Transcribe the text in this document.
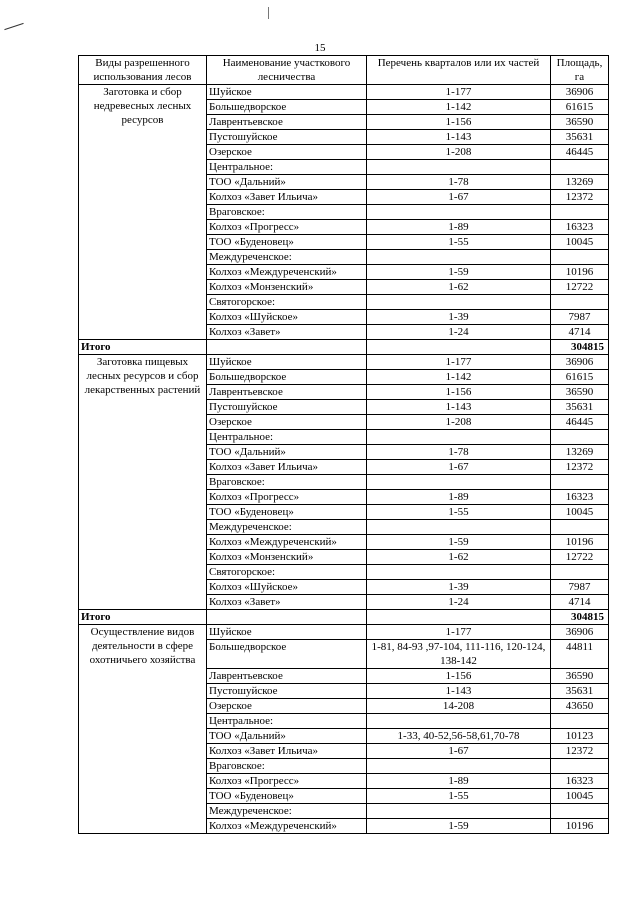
15
Виды разрешенного использования лесов	Наименование участкового лесничества	Перечень кварталов или их частей	Площадь, га
Заготовка и сбор недревесных лесных ресурсов	Шуйское	1-177	36906
	Большедворское	1-142	61615
	Лаврентьевское	1-156	36590
	Пустошуйское	1-143	35631
	Озерское	1-208	46445
	Центральное:		
	ТОО «Дальний»	1-78	13269
	Колхоз «Завет Ильича»	1-67	12372
	Враговское:		
	Колхоз «Прогресс»	1-89	16323
	ТОО «Буденовец»	1-55	10045
	Междуреченское:		
	Колхоз «Междуреченский»	1-59	10196
	Колхоз «Монзенский»	1-62	12722
	Святогорское:		
	Колхоз «Шуйское»	1-39	7987
	Колхоз «Завет»	1-24	4714
Итого			304815
Заготовка пищевых лесных ресурсов и сбор лекарственных растений	Шуйское	1-177	36906
	Большедворское	1-142	61615
	Лаврентьевское	1-156	36590
	Пустошуйское	1-143	35631
	Озерское	1-208	46445
	Центральное:		
	ТОО «Дальний»	1-78	13269
	Колхоз «Завет Ильича»	1-67	12372
	Враговское:		
	Колхоз «Прогресс»	1-89	16323
	ТОО «Буденовец»	1-55	10045
	Междуреченское:		
	Колхоз «Междуреченский»	1-59	10196
	Колхоз «Монзенский»	1-62	12722
	Святогорское:		
	Колхоз «Шуйское»	1-39	7987
	Колхоз «Завет»	1-24	4714
Итого			304815
Осуществление видов деятельности в сфере охотничьего хозяйства	Шуйское	1-177	36906
	Большедворское	1-81, 84-93 ,97-104, 111-116, 120-124, 138-142	44811
	Лаврентьевское	1-156	36590
	Пустошуйское	1-143	35631
	Озерское	14-208	43650
	Центральное:		
	ТОО «Дальний»	1-33, 40-52,56-58,61,70-78	10123
	Колхоз «Завет Ильича»	1-67	12372
	Враговское:		
	Колхоз «Прогресс»	1-89	16323
	ТОО «Буденовец»	1-55	10045
	Междуреченское:		
	Колхоз «Междуреченский»	1-59	10196
